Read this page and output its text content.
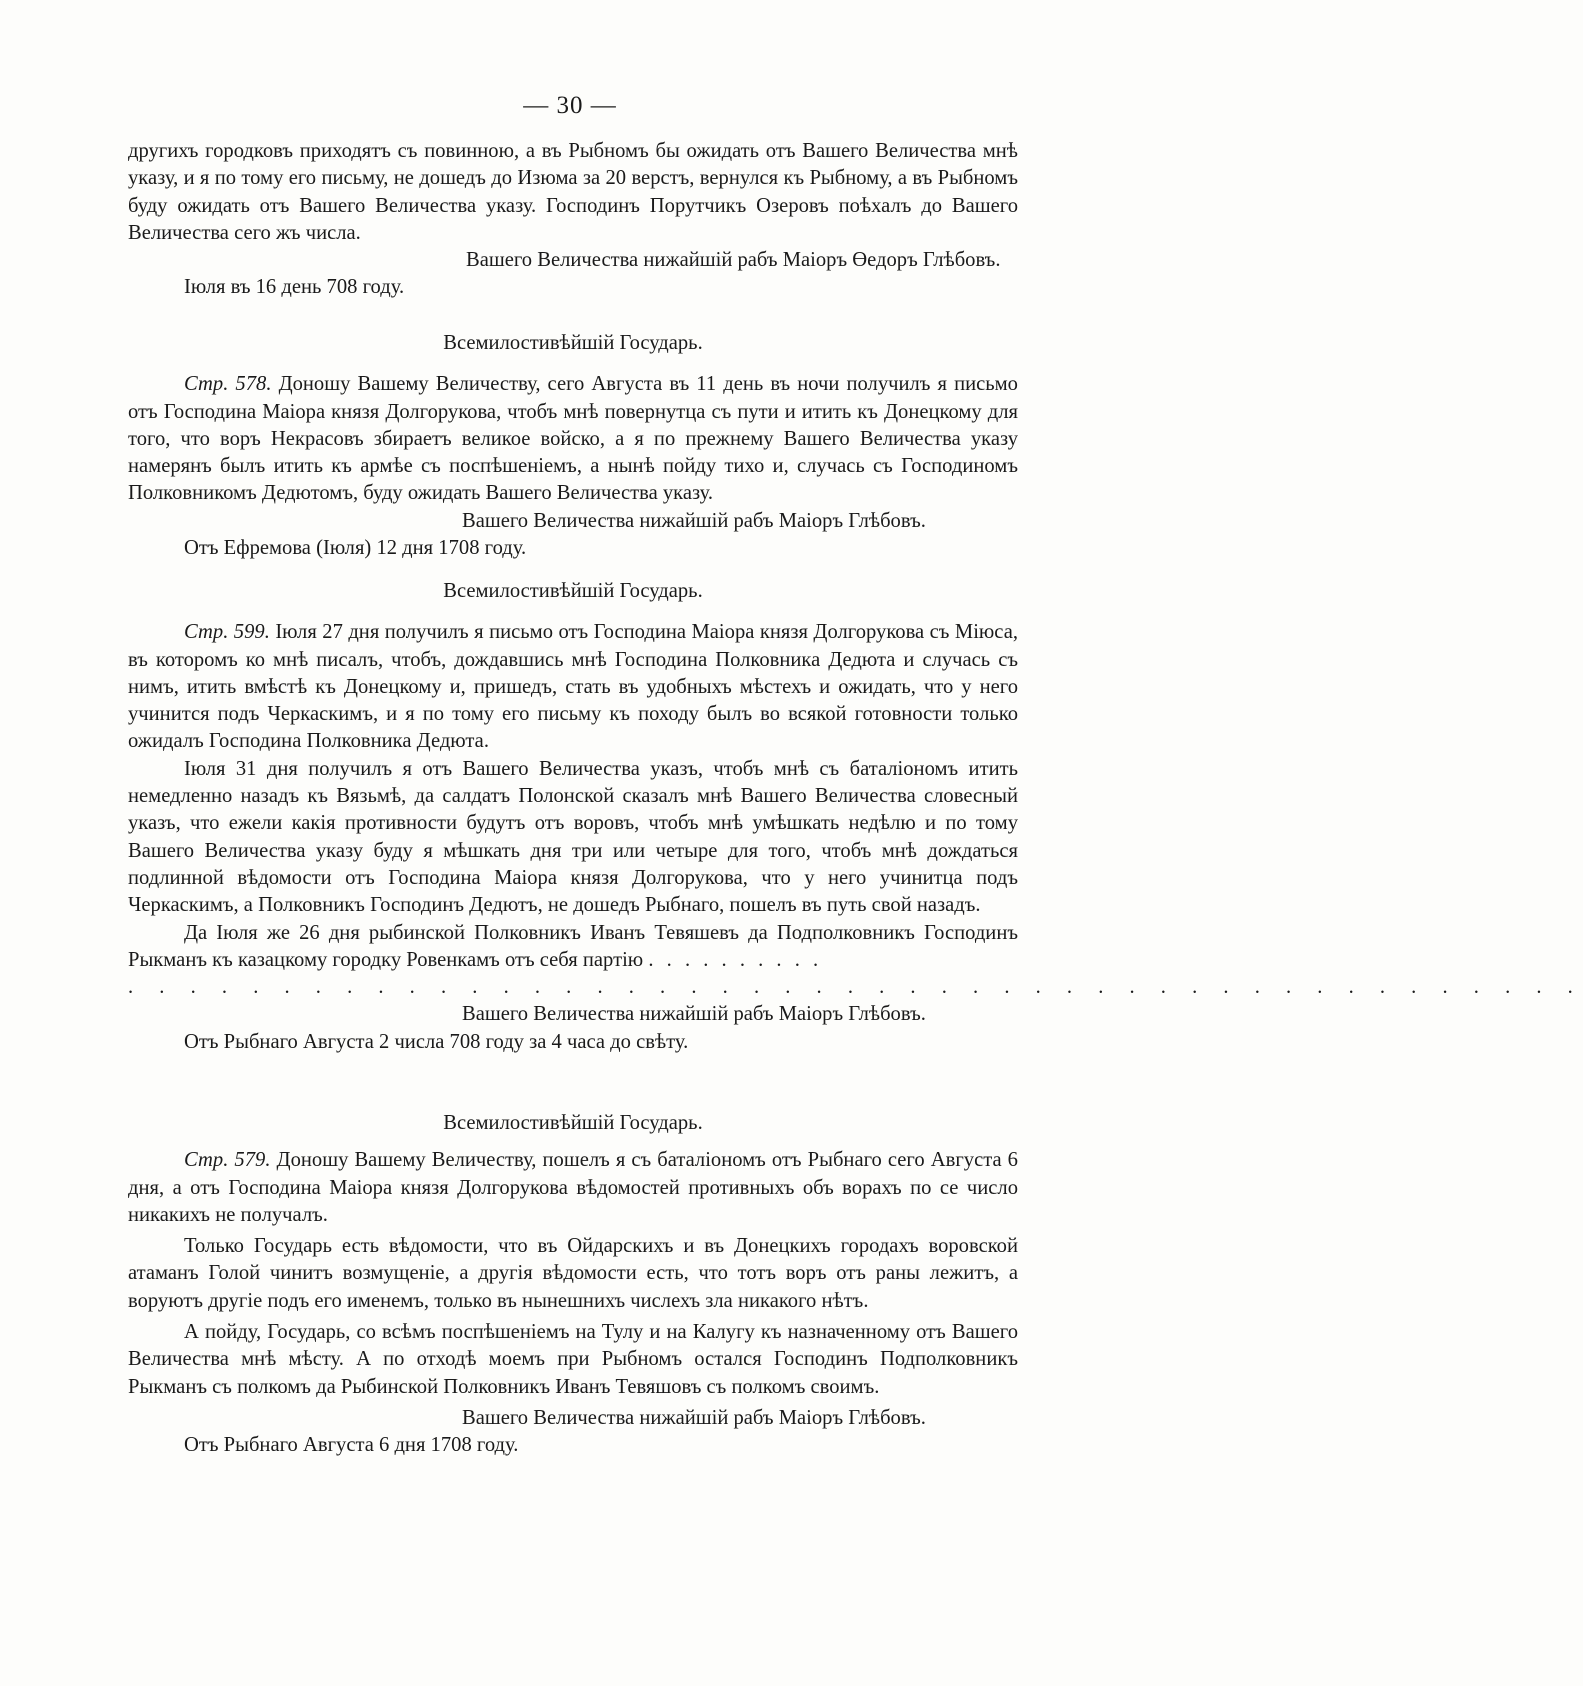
— 30 —

другихъ городковъ приходятъ съ повинною, а въ Рыбномъ бы ожидать отъ Вашего Величества мнѣ указу, и я по тому его письму, не дошедъ до Изюма за 20 верстъ, вернулся къ Рыбному, а въ Рыбномъ буду ожидать отъ Вашего Величества указу. Господинъ Порутчикъ Озеровъ поѣхалъ до Вашего Величества сего жъ числа.

Вашего Величества нижайшій рабъ Маіоръ Өедоръ Глѣбовъ.

Іюля въ 16 день 708 году.

Всемилостивѣйшій Государь.

Стр. 578. Доношу Вашему Величеству, сего Августа въ 11 день въ ночи получилъ я письмо отъ Господина Маіора князя Долгорукова, чтобъ мнѣ повернутца съ пути и итить къ Донецкому для того, что воръ Некрасовъ збираетъ великое войско, а я по прежнему Вашего Величества указу намерянъ былъ итить къ армѣе съ поспѣшеніемъ, а нынѣ пойду тихо и, случась съ Господиномъ Полковникомъ Дедютомъ, буду ожидать Вашего Величества указу.

Вашего Величества нижайшій рабъ Маіоръ Глѣбовъ.

Отъ Ефремова (Іюля) 12 дня 1708 году.

Всемилостивѣйшій Государь.

Стр. 599. Іюля 27 дня получилъ я письмо отъ Господина Маіора князя Долгорукова съ Міюса, въ которомъ ко мнѣ писалъ, чтобъ, дождавшись мнѣ Господина Полковника Дедюта и случась съ нимъ, итить вмѣстѣ къ Донецкому и, пришедъ, стать въ удобныхъ мѣстехъ и ожидать, что у него учинится подъ Черкаскимъ, и я по тому его письму къ походу былъ во всякой готовности только ожидалъ Господина Полковника Дедюта.

Іюля 31 дня получилъ я отъ Вашего Величества указъ, чтобъ мнѣ съ баталіономъ итить немедленно назадъ къ Вязьмѣ, да салдатъ Полонской сказалъ мнѣ Вашего Величества словесный указъ, что ежели какія противности будутъ отъ воровъ, чтобъ мнѣ умѣшкать недѣлю и по тому Вашего Величества указу буду я мѣшкать дня три или четыре для того, чтобъ мнѣ дождаться подлинной вѣдомости отъ Господина Маіора князя Долгорукова, что у него учинитца подъ Черкаскимъ, а Полковникъ Господинъ Дедютъ, не дошедъ Рыбнаго, пошелъ въ путь свой назадъ.

Да Іюля же 26 дня рыбинской Полковникъ Иванъ Тевяшевъ да Подполковникъ Господинъ Рыкманъ къ казацкому городку Ровенкамъ отъ себя партію . . . . . . . . . .

. . . . . . . . . . . . . . . . . . . . . . . . . . . . . . . . . . . . . . . . . . . . . . .

Вашего Величества нижайшій рабъ Маіоръ Глѣбовъ.

Отъ Рыбнаго Августа 2 числа 708 году за 4 часа до свѣту.

Всемилостивѣйшій Государь.

Стр. 579. Доношу Вашему Величеству, пошелъ я съ баталіономъ отъ Рыбнаго сего Августа 6 дня, а отъ Господина Маіора князя Долгорукова вѣдомостей противныхъ объ ворахъ по се число никакихъ не получалъ.

Только Государь есть вѣдомости, что въ Ойдарскихъ и въ Донецкихъ городахъ воровской атаманъ Голой чинитъ возмущеніе, а другія вѣдомости есть, что тотъ воръ отъ раны лежитъ, а воруютъ другіе подъ его именемъ, только въ нынешнихъ числехъ зла никакого нѣтъ.

А пойду, Государь, со всѣмъ поспѣшеніемъ на Тулу и на Калугу къ назначенному отъ Вашего Величества мнѣ мѣсту. А по отходѣ моемъ при Рыбномъ остался Господинъ Подполковникъ Рыкманъ съ полкомъ да Рыбинской Полковникъ Иванъ Тевяшовъ съ полкомъ своимъ.

Вашего Величества нижайшій рабъ Маіоръ Глѣбовъ.

Отъ Рыбнаго Августа 6 дня 1708 году.
